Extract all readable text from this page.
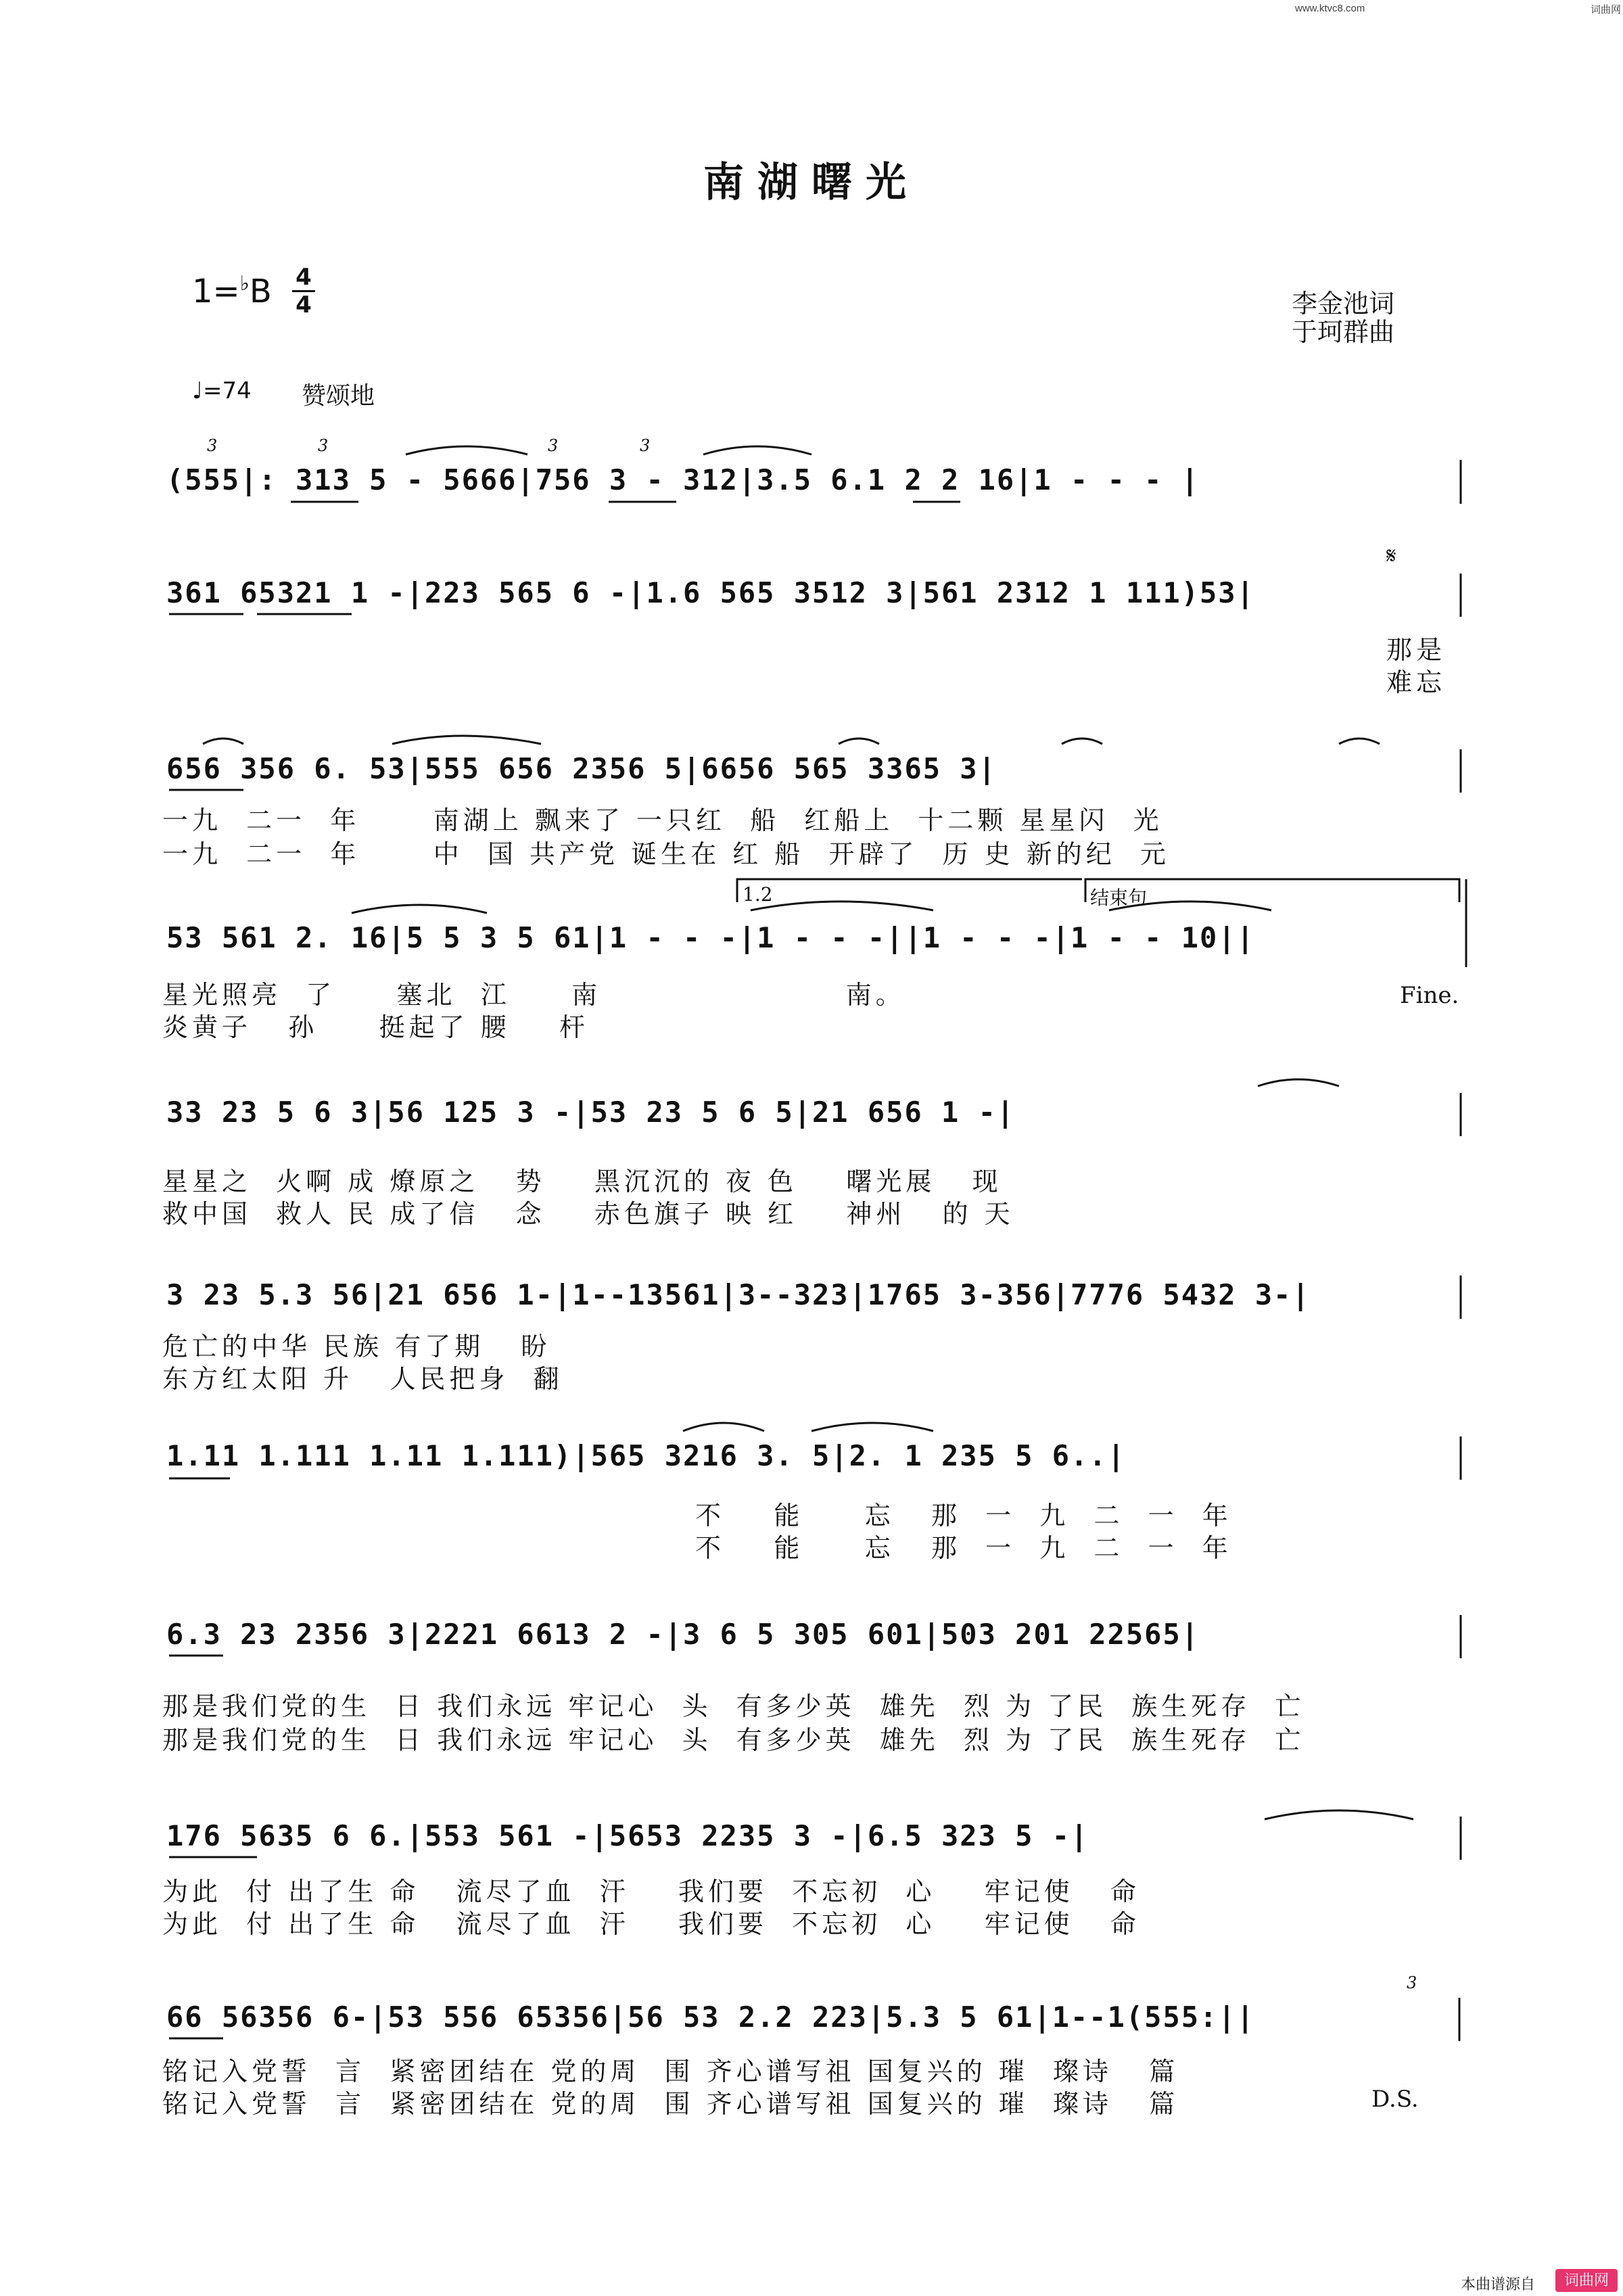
www.ktvc8.com	词曲网
南湖曙光
1=♭B 4
4	李金池词
于珂群曲
♩=74 赞颂地
(555|: 313 5 - 5666|756 3 - 312|3.5 6.1 2 2 16|1 - - - |
361 65321 1 -|223 565 6 -|1.6 565 3512 3|561 2312 1 111)53|
𝄋
那是
难忘
656 356 6. 53|555 656 2356 5|6656 565 3365 3|
一九  二一  年      南湖上 飘来了 一只红  船  红船上  十二颗 星星闪  光
一九  二一  年      中  国 共产党 诞生在 红 船  开辟了  历 史 新的纪  元
53 561 2. 16|5 5 3 5 61|1 - - -|1 - - -||1 - - -|1 - - 10||
1.2	结束句
星光照亮  了     塞北  江     南                    南。
炎黄子   孙     挺起了 腰    杆
Fine.
33 23 5 6 3|56 125 3 -|53 23 5 6 5|21 656 1 -|
星星之  火啊 成 燎原之   势    黑沉沉的 夜 色    曙光展   现
救中国  救人 民 成了信   念    赤色旗子 映 红    神州   的 天
3 23 5.3 56|21 656 1-|1--13561|3--323|1765 3-356|7776 5432 3-|
危亡的中华 民族 有了期   盼
东方红太阳 升   人民把身  翻
1.11 1.111 1.11 1.111)|565 3216 3. 5|2. 1 235 5 6..|
不    能     忘   那  一  九  二  一  年
不    能     忘   那  一  九  二  一  年
6.3 23 2356 3|2221 6613 2 -|3 6 5 305 601|503 201 22565|
那是我们党的生  日 我们永远 牢记心  头  有多少英  雄先  烈 为 了民  族生死存  亡
那是我们党的生  日 我们永远 牢记心  头  有多少英  雄先  烈 为 了民  族生死存  亡
176 5635 6 6.|553 561 -|5653 2235 3 -|6.5 323 5 -|
为此  付 出了生 命   流尽了血  汗    我们要  不忘初  心    牢记使   命
为此  付 出了生 命   流尽了血  汗    我们要  不忘初  心    牢记使   命
66 56356 6-|53 556 65356|56 53 2.2 223|5.3 5 61|1--1(555:||
铭记入党誓  言  紧密团结在 党的周  围 齐心谱写祖 国复兴的 璀  璨诗   篇
铭记入党誓  言  紧密团结在 党的周  围 齐心谱写祖 国复兴的 璀  璨诗   篇	D.S.
3	3	3	3
3
本曲谱源自	词曲网
